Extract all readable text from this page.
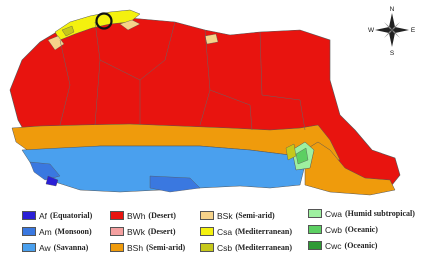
N
S
E
W
Af (Equatorial)
Am (Monsoon)
Aw (Savanna)
BWh (Desert)
BWk (Desert)
BSh (Semi-arid)
BSk (Semi-arid)
Csa (Mediterranean)
Csb (Mediterranean)
Cwa (Humid subtropical)
Cwb (Oceanic)
Cwc (Oceanic)
